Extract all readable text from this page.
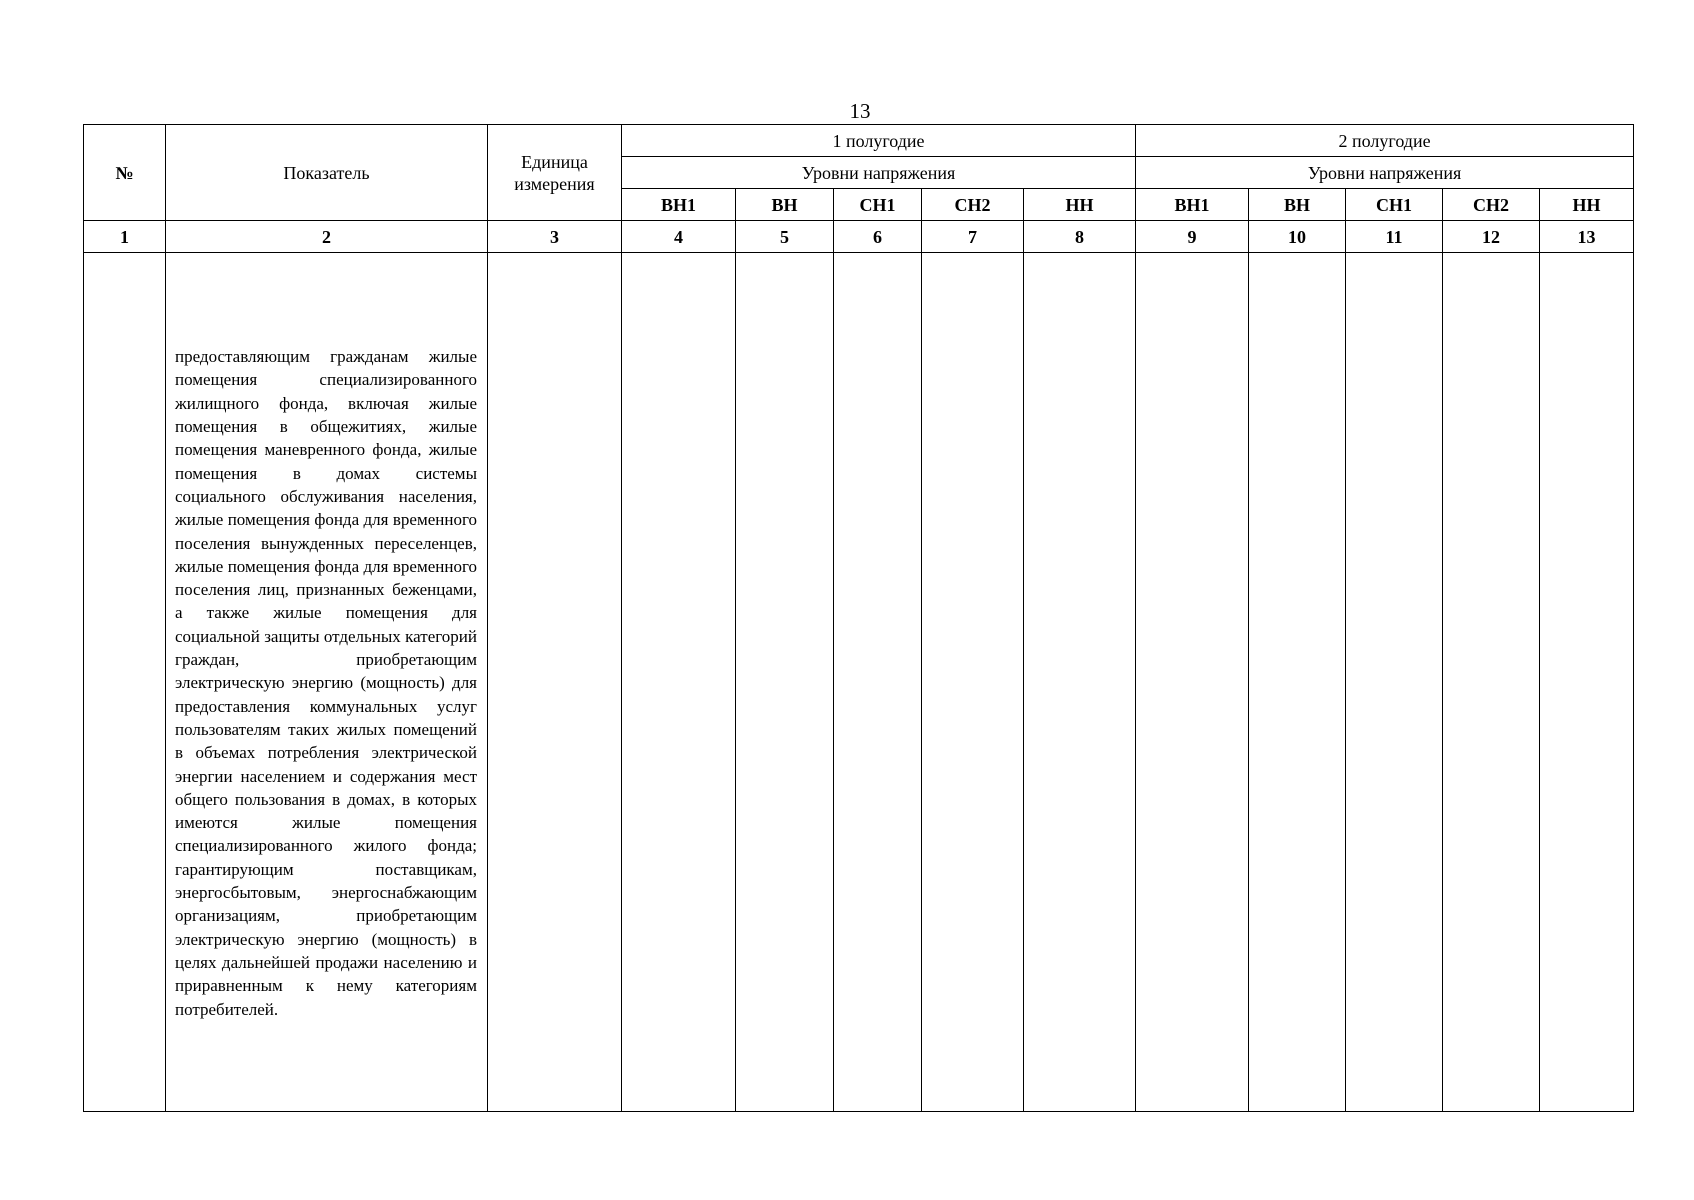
13
№	Показатель	Единица измерения	1 полугодие					2 полугодие				
			Уровни напряжения					Уровни напряжения				
			ВН1	ВН	СН1	СН2	НН	ВН1	ВН	СН1	СН2	НН
1	2	3	4	5	6	7	8	9	10	11	12	13

	предоставляющим гражданам жилые помещения специализированного жилищного фонда, включая жилые помещения в общежитиях, жилые помещения маневренного фонда, жилые помещения в домах системы социального обслуживания населения, жилые помещения фонда для временного поселения вынужденных переселенцев, жилые помещения фонда для временного поселения лиц, признанных беженцами, а также жилые помещения для социальной защиты отдельных категорий граждан, приобретающим электрическую энергию (мощность) для предоставления коммунальных услуг пользователям таких жилых помещений в объемах потребления электрической энергии населением и содержания мест общего пользования в домах, в которых имеются жилые помещения специализированного жилого фонда; гарантирующим поставщикам, энергосбытовым, энергоснабжающим организациям, приобретающим электрическую энергию (мощность) в целях дальнейшей продажи населению и приравненным к нему категориям потребителей.											
